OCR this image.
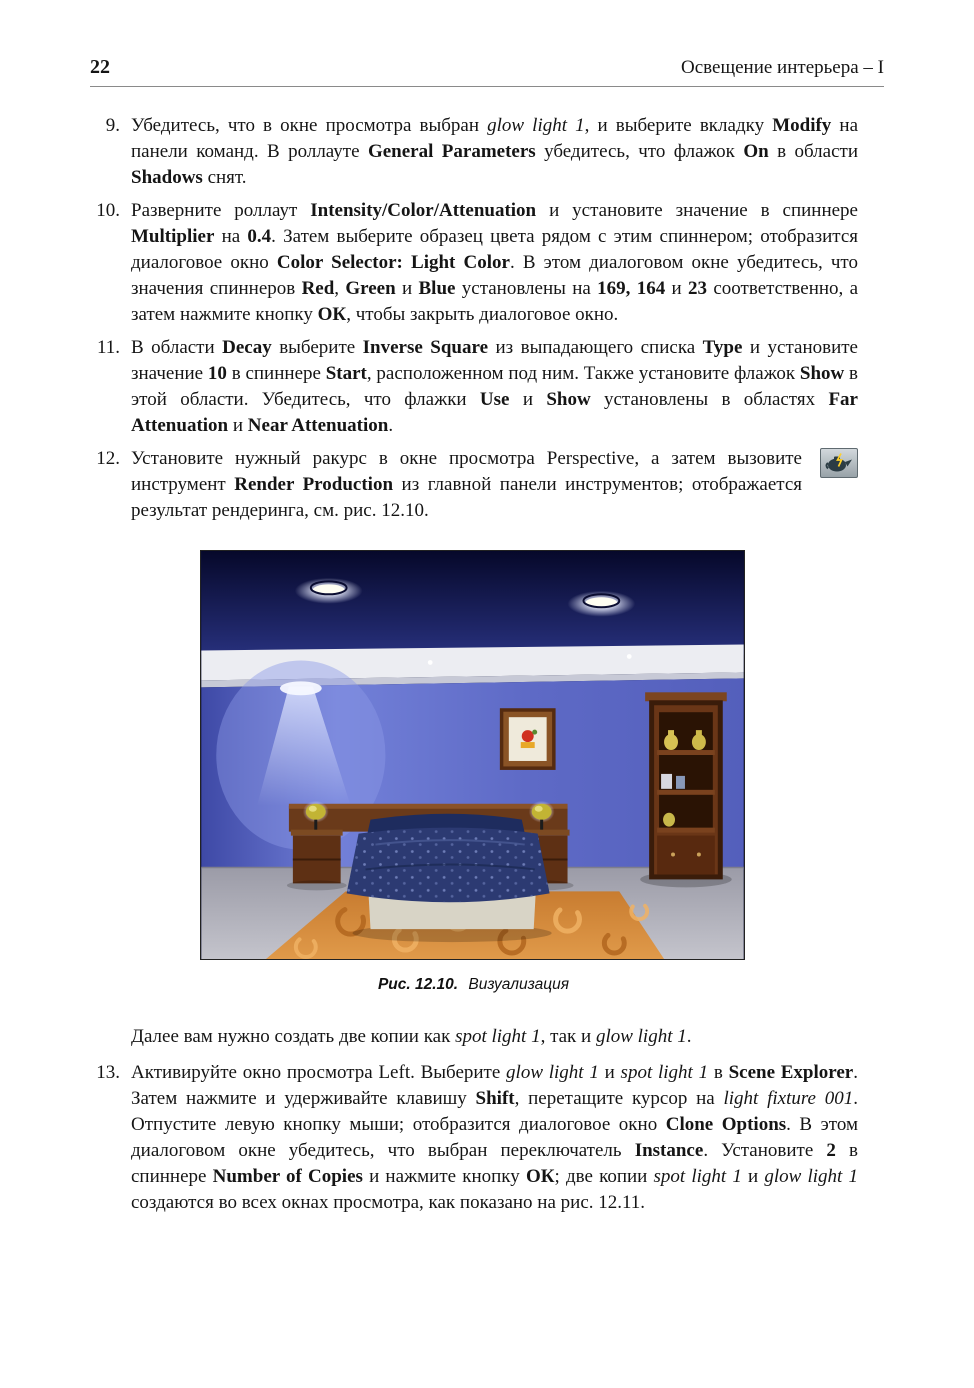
22	Освещение интерьера – I
9. Убедитесь, что в окне просмотра выбран glow light 1, и выберите вкладку Modify на панели команд. В роллауте General Parameters убедитесь, что флажок On в области Shadows снят.
10. Разверните роллаут Intensity/Color/Attenuation и установите значение в спиннере Multiplier на 0.4. Затем выберите образец цвета рядом с этим спиннером; отобразится диалоговое окно Color Selector: Light Color. В этом диалоговом окне убедитесь, что значения спиннеров Red, Green и Blue установлены на 169, 164 и 23 соответственно, а затем нажмите кнопку ОК, чтобы закрыть диалоговое окно.
11. В области Decay выберите Inverse Square из выпадающего списка Type и установите значение 10 в спиннере Start, расположенном под ним. Также установите флажок Show в этой области. Убедитесь, что флажки Use и Show установлены в областях Far Attenuation и Near Attenuation.
12. Установите нужный ракурс в окне просмотра Perspective, а затем вызовите инструмент Render Production из главной панели инструментов; отображается результат рендеринга, см. рис. 12.10.
Рис. 12.10. Визуализация

Далее вам нужно создать две копии как spot light 1, так и glow light 1.

13. Активируйте окно просмотра Left. Выберите glow light 1 и spot light 1 в Scene Explorer. Затем нажмите и удерживайте клавишу Shift, перетащите курсор на light fixture 001. Отпустите левую кнопку мыши; отобразится диалоговое окно Clone Options. В этом диалоговом окне убедитесь, что выбран переключатель Instance. Установите 2 в спиннере Number of Copies и нажмите кнопку ОК; две копии spot light 1 и glow light 1 создаются во всех окнах просмотра, как показано на рис. 12.11.
